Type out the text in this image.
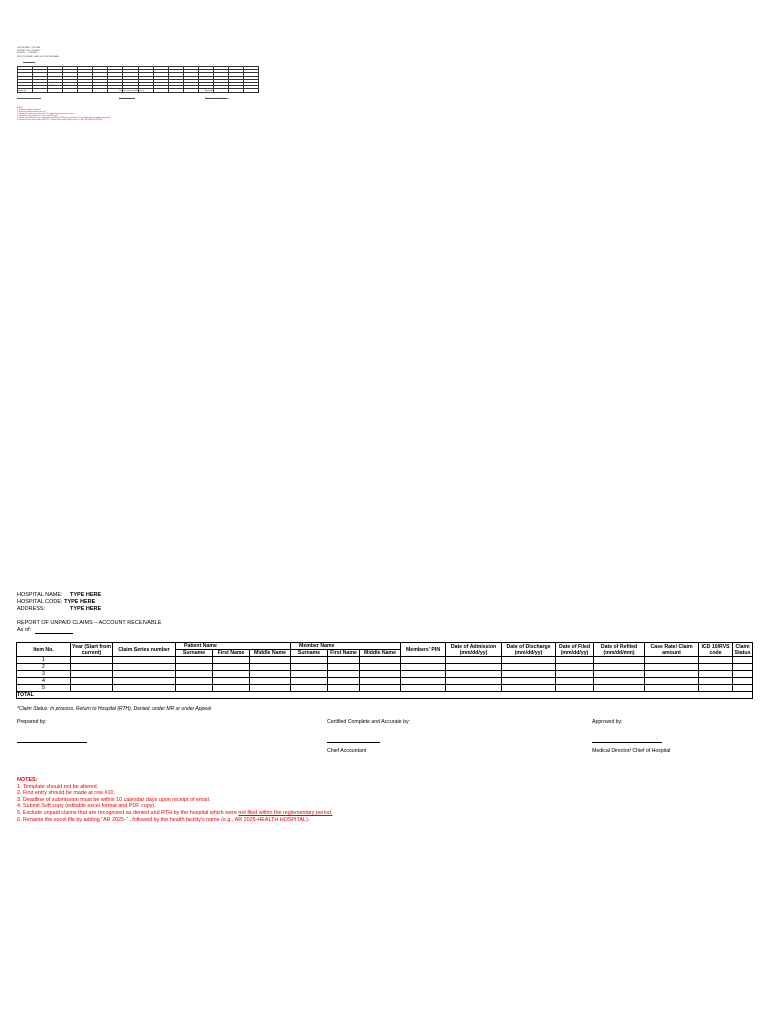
HOSPITAL NAME:  TYPE HERE
HOSPITAL CODE: TYPE HERE
ADDRESS:      TYPE HERE
REPORT OF UNPAID CLAIMS – ACCOUNT RECEIVABLE

*Claim Status: In process, Return to Hospital (RTH), Denied, under MR or under Appeal
Prepared by:	Certified Complete and Accurate by:	Approved by:
Chief Accountant	Medical Director/ Chief of Hospital
NOTES:
1. Template should not be altered.
2. First entry should be made at row #10.
3. Deadline of submission must be within 10 calendar days upon receipt of email.
4. Submit Soft copy (editable excel format and PDF copy).
5. Exclude unpaid claims that are recognized as denied and RTH by the hospital which were not filed within the reglementary period.
6. Rename the excel file by adding "AR 2025-", followed by the health facility's name (e.g., AR 2025-HEALTH HOSPITAL).
HOSPITAL NAME: TYPE HERE
HOSPITAL CODE: TYPE HERE
ADDRESS:	TYPE HERE
REPORT OF UNPAID CLAIMS – ACCOUNT RECEIVABLE
As of:
Item No.	Year (Start from current)	Claim Series number	Patient Name			Member Name			Members' PIN	Date of Admission (mm/dd/yy)	Date of Discharge (mm/dd/yy)	Date of Filed (mm/dd/yy)	Date of Refiled (mm/dd/mm)	Case Rate/ Claim amount	ICD 10/RVS code	Claim Status
			Surname	First Name	Middle Name	Surname	First Name	Middle Name								
1																
2																
3																
4																
5																
TOTAL																
*Claim Status: In process, Return to Hospital (RTH), Denied, under MR or under Appeal
Prepared by:	Certified Complete and Accurate by:	Approved by:
Chief Accountant	Medical Director/ Chief of Hospital
NOTES:
1. Template should not be altered.
2. First entry should be made at row #10.
3. Deadline of submission must be within 10 calendar days upon receipt of email.
4. Submit Soft copy (editable excel format and PDF copy).
5. Exclude unpaid claims that are recognized as denied and RTH by the hospital which were not filed within the reglementary period.
6. Rename the excel file by adding "AR 2025-" , followed by the health facility's name (e.g., AR 2025-HEALTH HOSPITAL).
